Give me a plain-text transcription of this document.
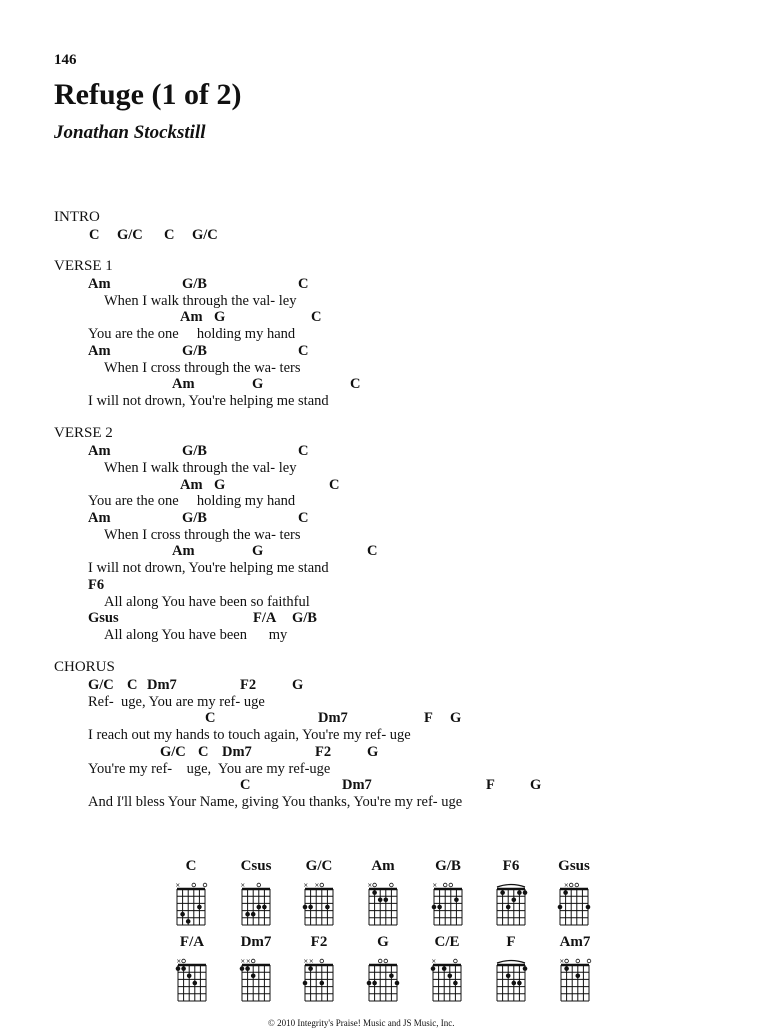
146
Refuge (1 of 2)
Jonathan Stockstill
INTRO
VERSE 1
VERSE 2
CHORUS
C G/C C G/C
Am	G/B	C
When I walk through the val- ley
Am G	C
You are the one     holding my hand
Am	G/B	C
When I cross through the wa- ters
Am	G	C
I will not drown, You're helping me stand
Am	G/B	C
When I walk through the val- ley
Am G	C
You are the one     holding my hand
Am	G/B	C
When I cross through the wa- ters
Am	G	C
I will not drown, You're helping me stand
F6
All along You have been so faithful
Gsus	F/A G/B
All along You have been      my
G/C C Dm7	F2 G
Ref-  uge, You are my ref- uge
C	Dm7	F G
I reach out my hands to touch again, You're my ref- uge
G/C C Dm7	F2 G
You're my ref-    uge,  You are my ref-uge
C	Dm7	F G
And I'll bless Your Name, giving You thanks, You're my ref- uge
C
×
Csus
×
G/C
× ×
Am
×
G/B
×
F6	Gsus
×
F/A
×
Dm7
× ×
F2
× ×
G	C/E
×
F	Am7
×
© 2010 Integrity's Praise! Music and JS Music, Inc.
